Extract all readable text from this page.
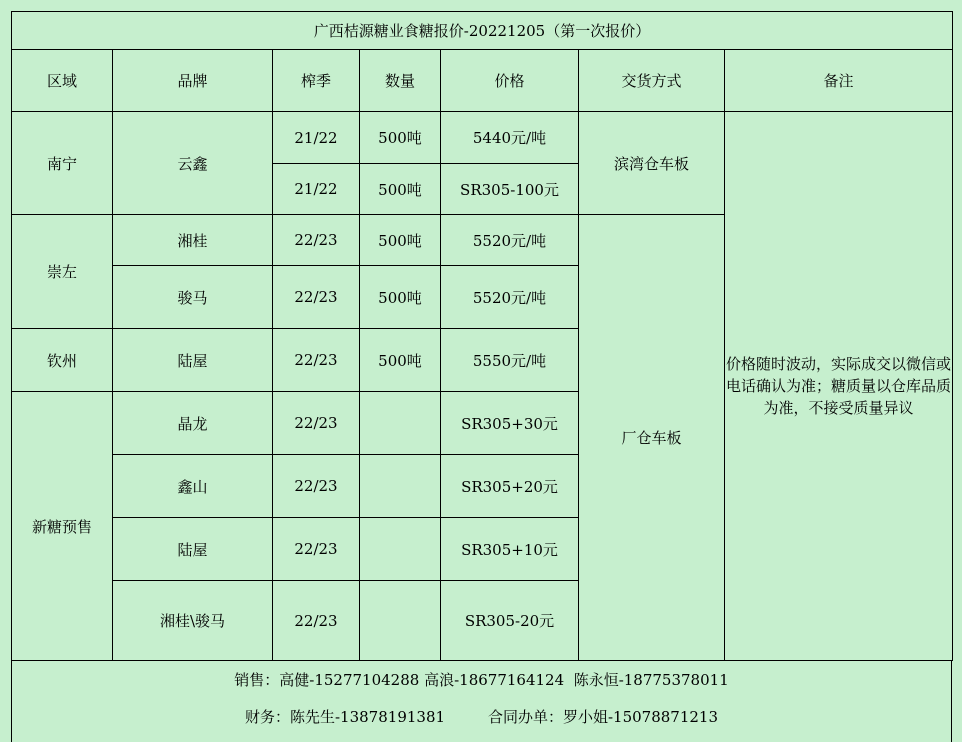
广西桔源糖业食糖报价-20221205（第一次报价）						
区域	品牌	榨季	数量	价格	交货方式	备注
南宁	云鑫	21/22	500吨	5440元/吨	滨湾仓车板	价格随时波动，实际成交以微信或电话确认为准；糖质量以仓库品质为准，不接受质量异议
		21/22	500吨	SR305-100元		
崇左	湘桂	22/23	500吨	5520元/吨	厂仓车板	
	骏马	22/23	500吨	5520元/吨		
钦州	陆屋	22/23	500吨	5550元/吨		
新糖预售	晶龙	22/23		SR305+30元		
	鑫山	22/23		SR305+20元		
	陆屋	22/23		SR305+10元		
	湘桂\骏马	22/23		SR305-20元		
销售：高健-15277104288 高浪-18677164124 陈永恒-18775378011
财务：陈先生-13878191381	合同办单：罗小姐-15078871213
